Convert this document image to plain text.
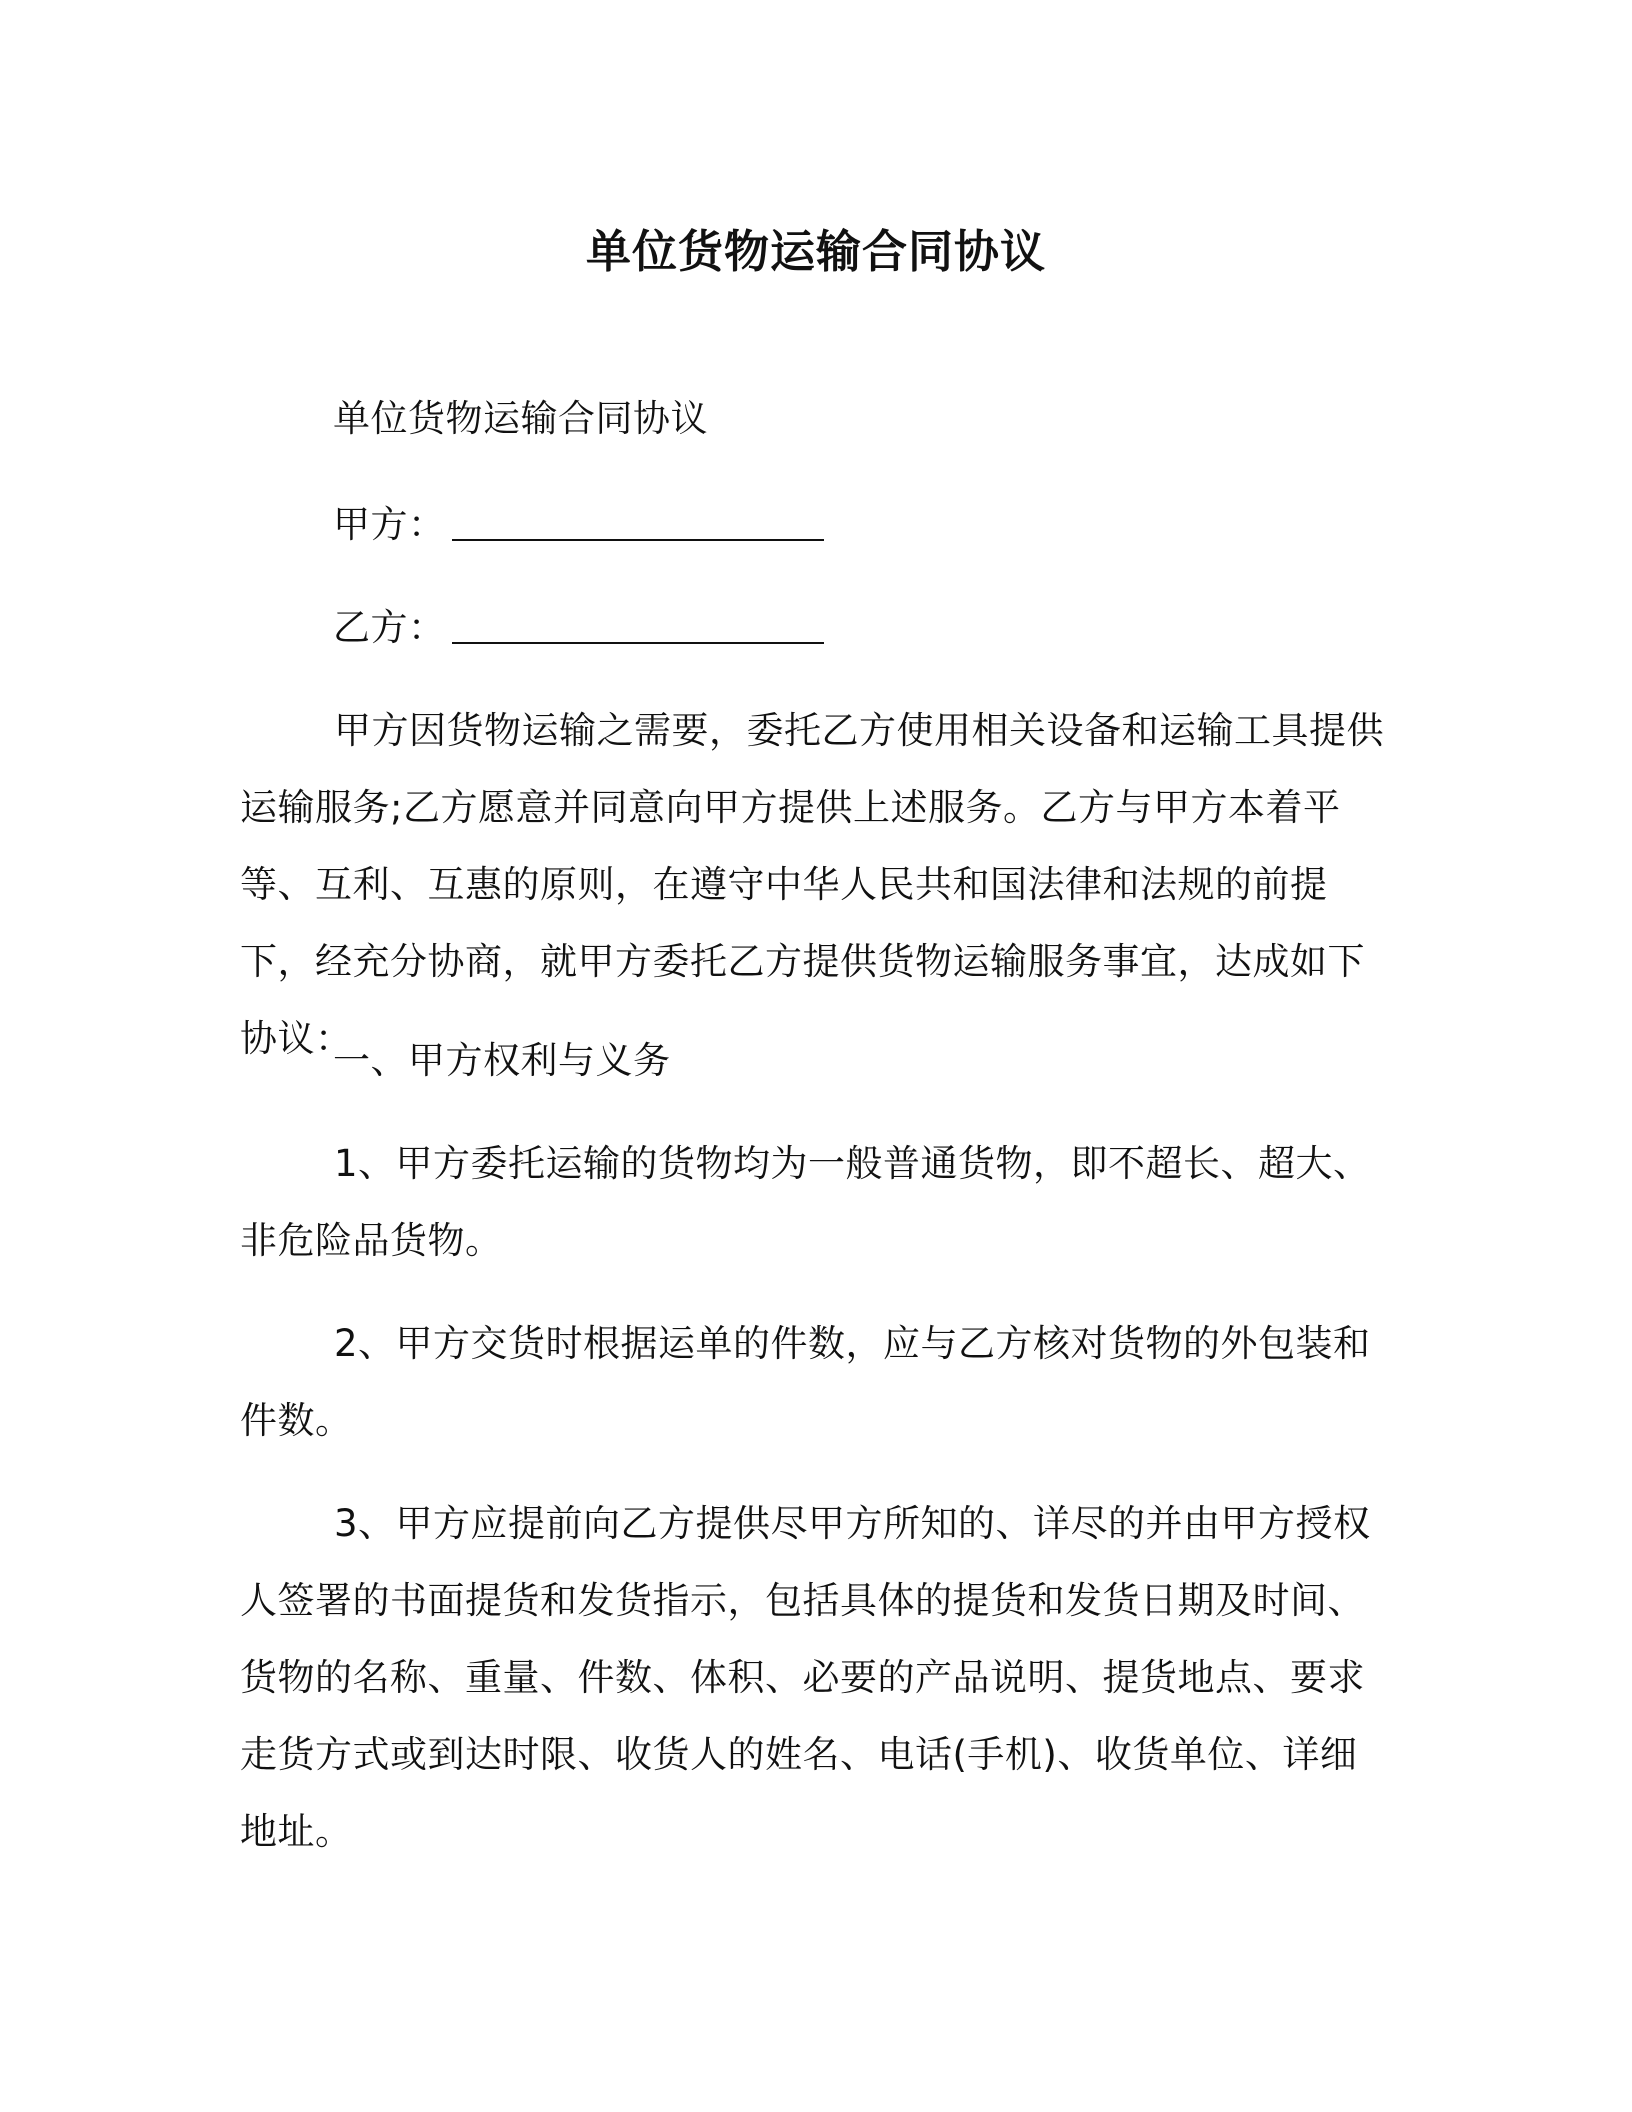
单位货物运输合同协议
单位货物运输合同协议
甲方：
乙方：

甲方因货物运输之需要，委托乙方使用相关设备和运输工具提供运输服务;乙方愿意并同意向甲方提供上述服务。乙方与甲方本着平等、互利、互惠的原则，在遵守中华人民共和国法律和法规的前提下，经充分协商，就甲方委托乙方提供货物运输服务事宜，达成如下协议：

一、甲方权利与义务

1、甲方委托运输的货物均为一般普通货物，即不超长、超大、非危险品货物。

2、甲方交货时根据运单的件数，应与乙方核对货物的外包装和件数。

3、甲方应提前向乙方提供尽甲方所知的、详尽的并由甲方授权人签署的书面提货和发货指示，包括具体的提货和发货日期及时间、货物的名称、重量、件数、体积、必要的产品说明、提货地点、要求走货方式或到达时限、收货人的姓名、电话(手机)、收货单位、详细地址。
